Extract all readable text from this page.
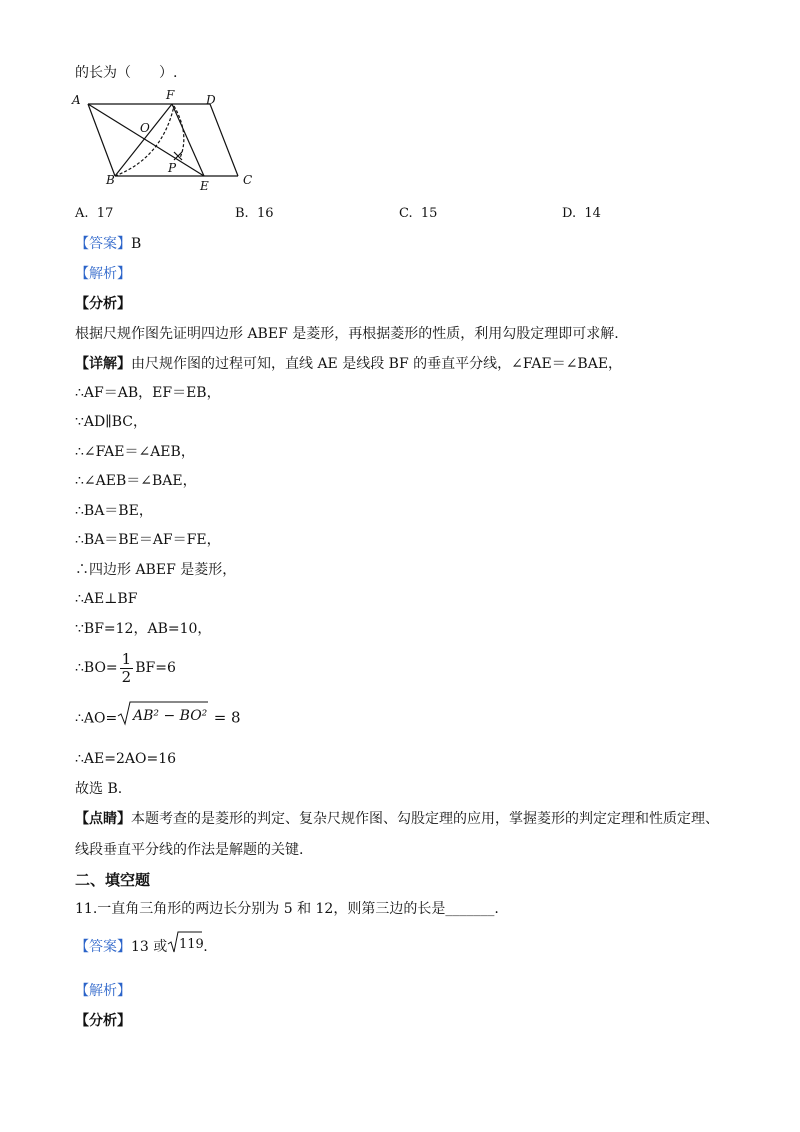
的长为（　　）.
A	F	D
O
P
B	E	C
A. 17	B. 16	C. 15	D. 14
【答案】B
【解析】
【分析】
根据尺规作图先证明四边形 ABEF 是菱形，再根据菱形的性质，利用勾股定理即可求解.
【详解】由尺规作图的过程可知，直线 AE 是线段 BF 的垂直平分线，∠FAE＝∠BAE，
∴AF＝AB，EF＝EB，
∵AD∥BC，
∴∠FAE＝∠AEB，
∴∠AEB＝∠BAE，
∴BA＝BE，
∴BA＝BE＝AF＝FE，
∴四边形 ABEF 是菱形，
∴AE⊥BF
∵BF=12，AB=10，
∴BO= $\frac{1}{2} BF=6$
∴AO= AB² − BO² = 8
∴AE=2AO=16
故选 B.
【点睛】本题考查的是菱形的判定、复杂尺规作图、勾股定理的应用，掌握菱形的判定定理和性质定理、
线段垂直平分线的作法是解题的关键.
二、填空题
11.一直角三角形的两边长分别为 5 和 12，则第三边的长是_______.
【答案】13 或 119 .
【解析】
【分析】
